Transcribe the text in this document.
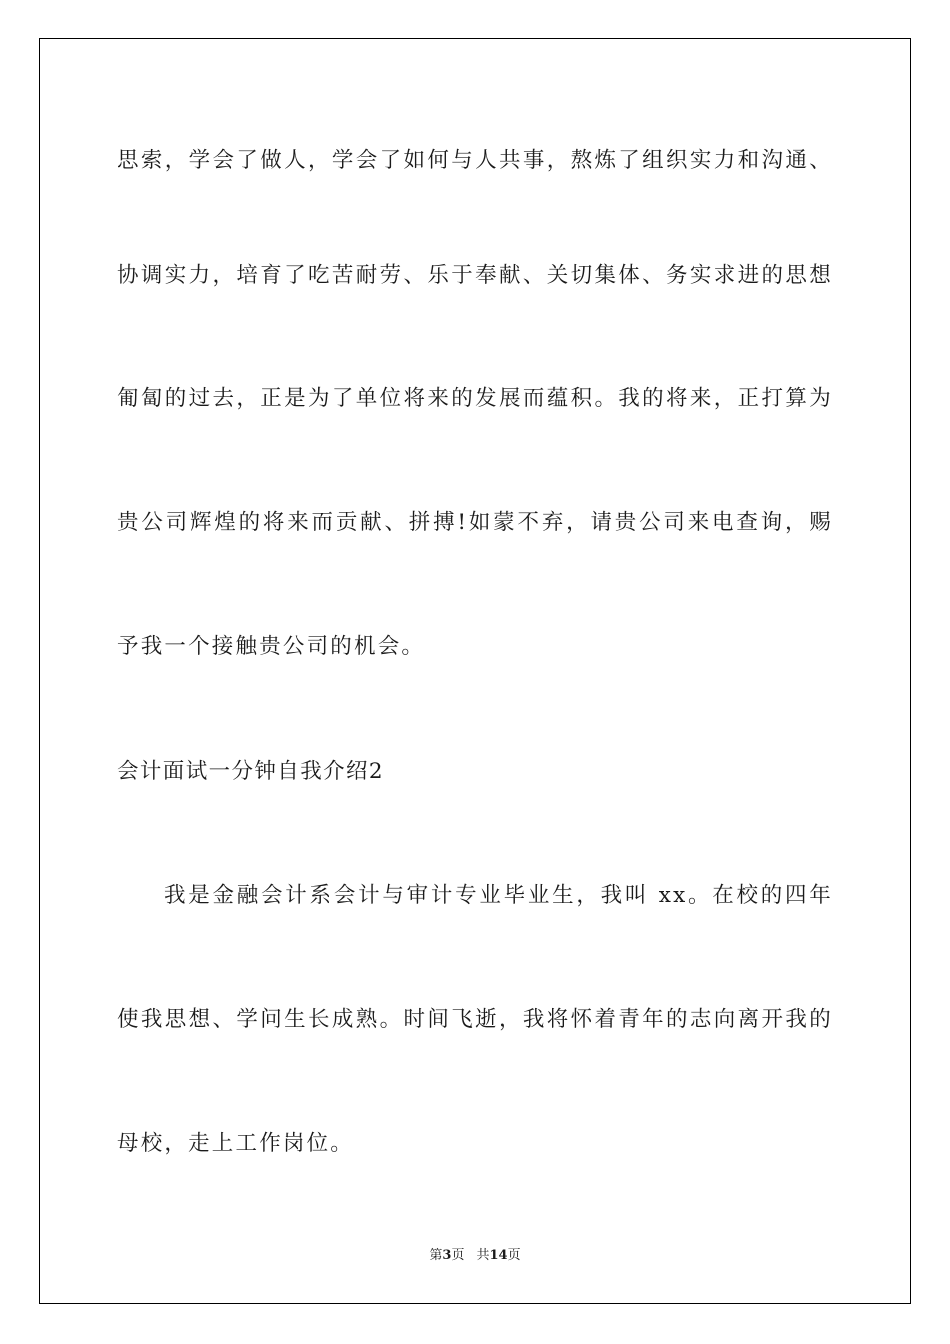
思索，学会了做人，学会了如何与人共事，熬炼了组织实力和沟通、
协调实力，培育了吃苦耐劳、乐于奉献、关切集体、务实求进的思想
匍匐的过去，正是为了单位将来的发展而蕴积。我的将来，正打算为
贵公司辉煌的将来而贡献、拼搏!如蒙不弃，请贵公司来电查询，赐
予我一个接触贵公司的机会。
会计面试一分钟自我介绍2
我是金融会计系会计与审计专业毕业生，我叫 xx。在校的四年
使我思想、学问生长成熟。时间飞逝，我将怀着青年的志向离开我的
母校，走上工作岗位。
第3页 共14页
